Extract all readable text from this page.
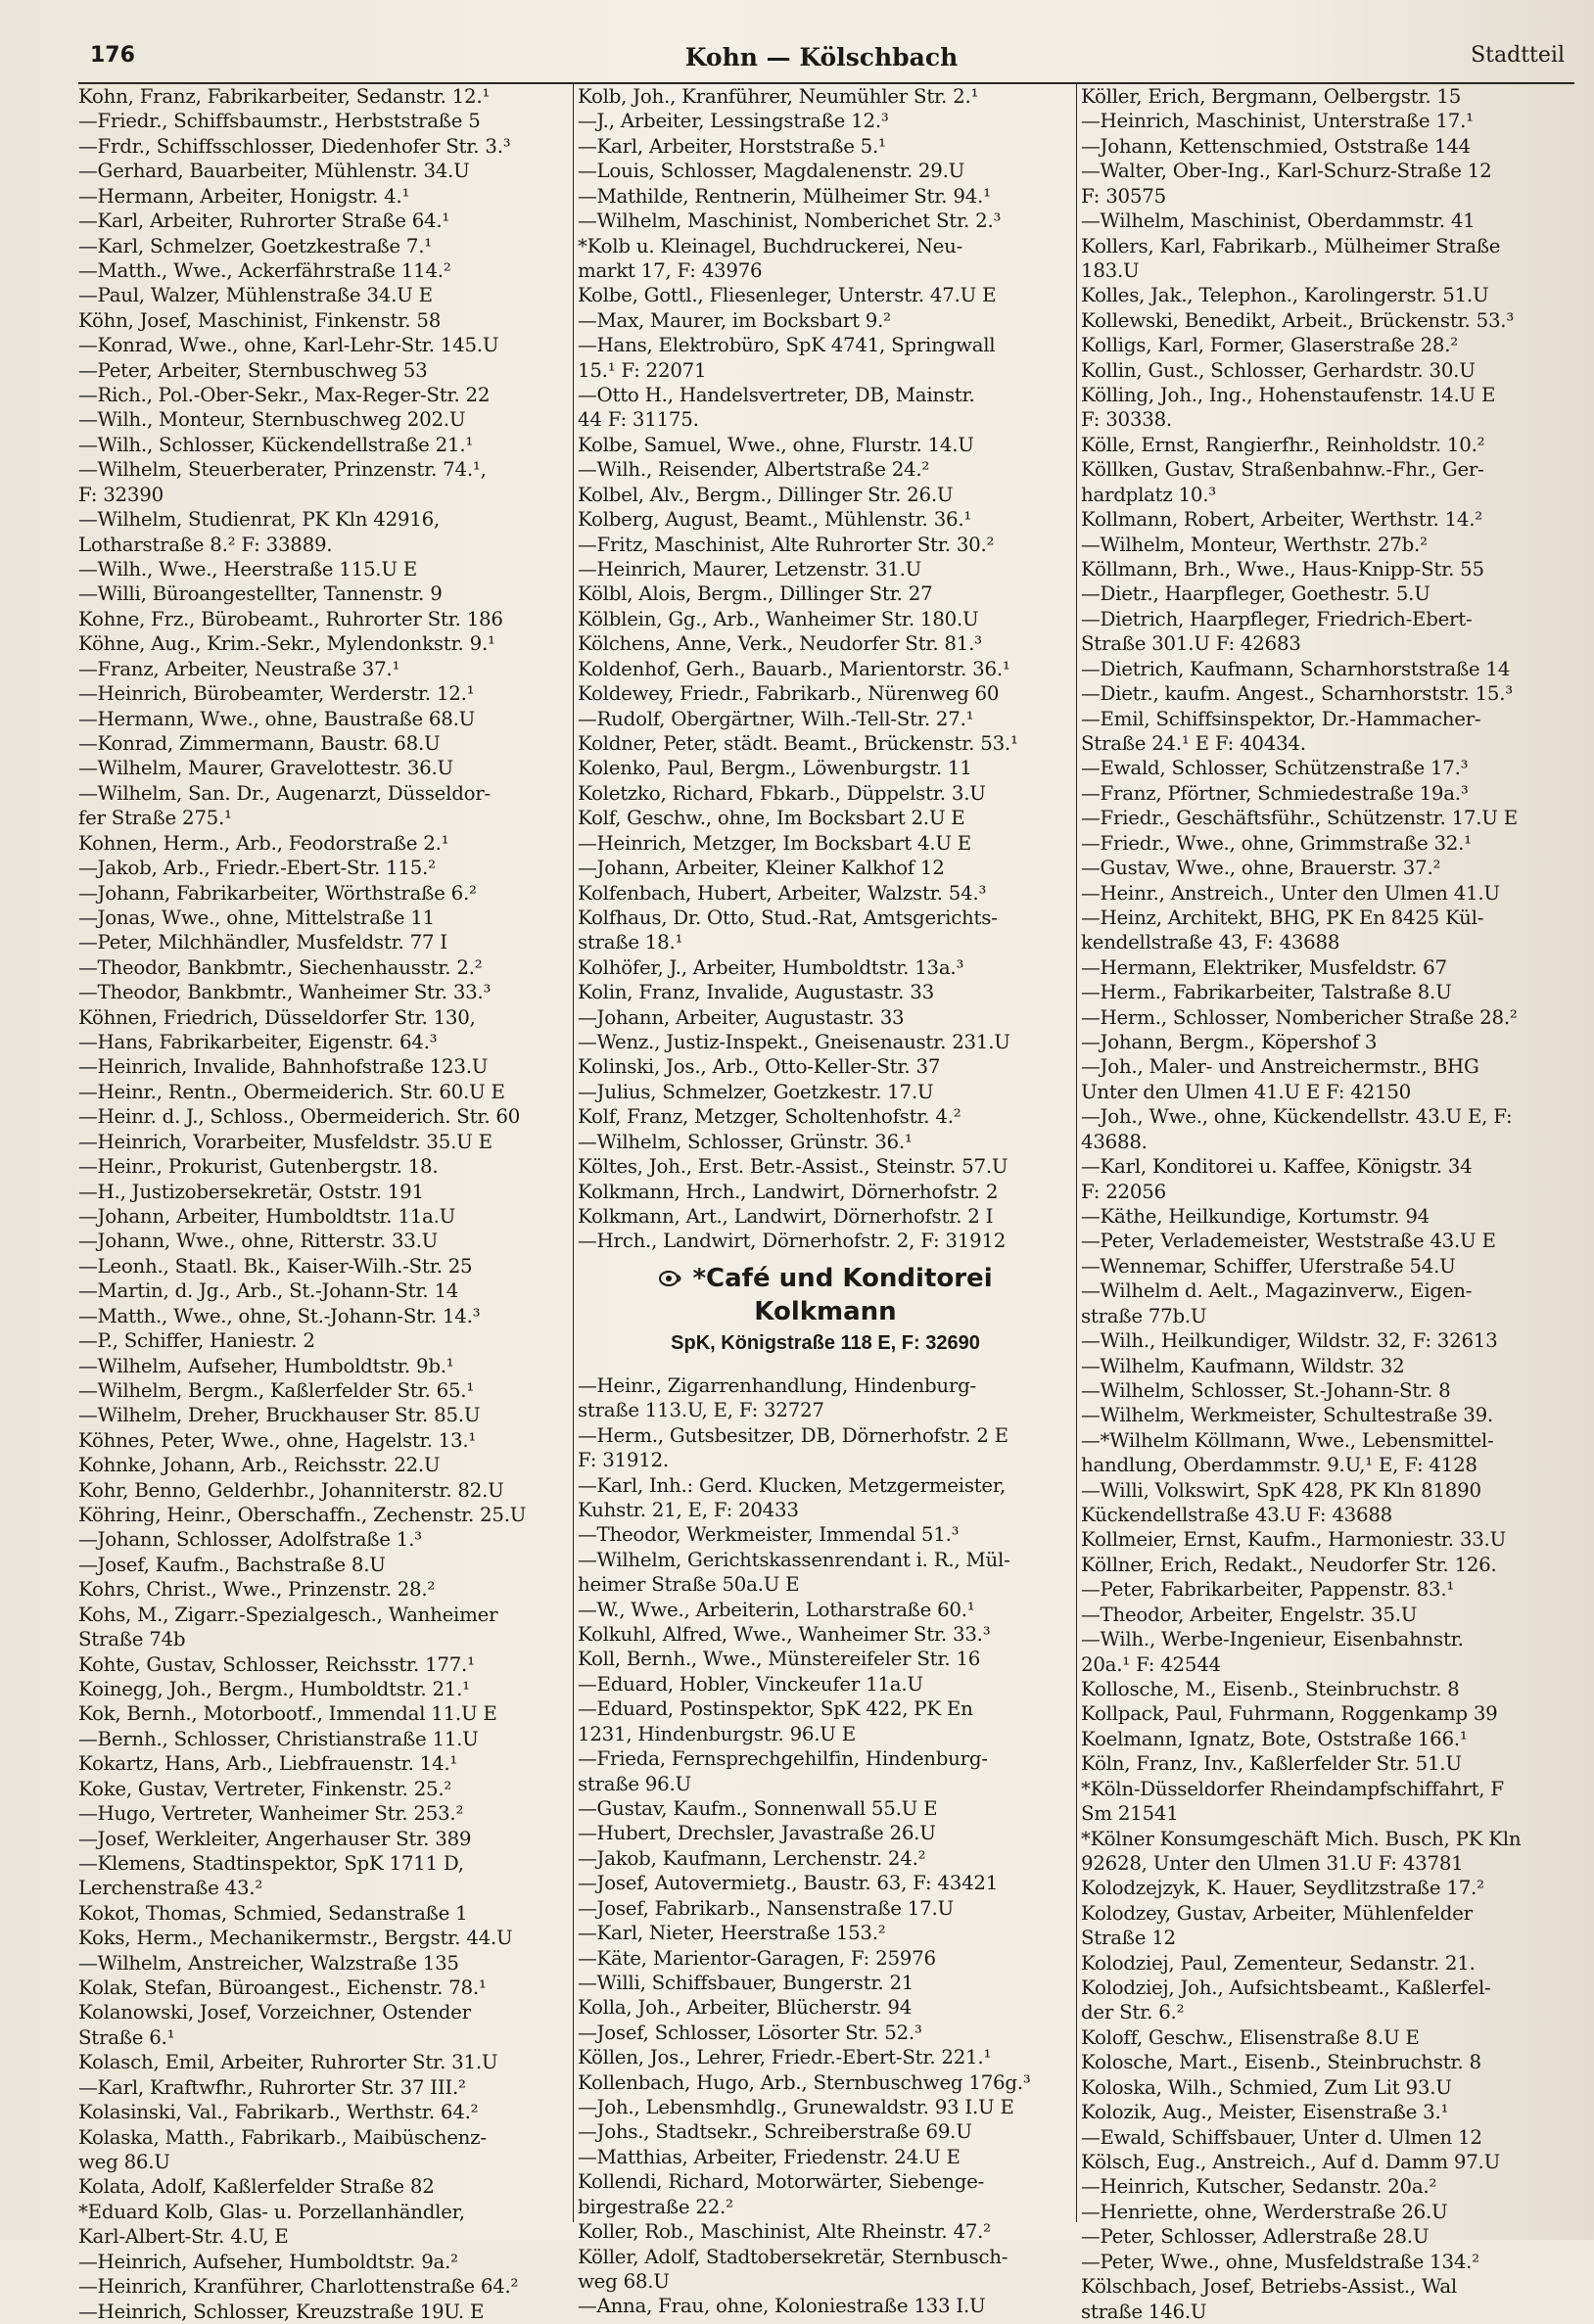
176	Kohn — Kölschbach	Stadtteil
Kohn, Franz, Fabrikarbeiter, Sedanstr. 12.¹
—Friedr., Schiffsbaumstr., Herbststraße 5
—Frdr., Schiffsschlosser, Diedenhofer Str. 3.³
—Gerhard, Bauarbeiter, Mühlenstr. 34.U
—Hermann, Arbeiter, Honigstr. 4.¹
—Karl, Arbeiter, Ruhrorter Straße 64.¹
—Karl, Schmelzer, Goetzkestraße 7.¹
—Matth., Wwe., Ackerfährstraße 114.²
—Paul, Walzer, Mühlenstraße 34.U E
Köhn, Josef, Maschinist, Finkenstr. 58
—Konrad, Wwe., ohne, Karl-Lehr-Str. 145.U
—Peter, Arbeiter, Sternbuschweg 53
—Rich., Pol.-Ober-Sekr., Max-Reger-Str. 22
—Wilh., Monteur, Sternbuschweg 202.U
—Wilh., Schlosser, Kückendellstraße 21.¹
—Wilhelm, Steuerberater, Prinzenstr. 74.¹,
F: 32390
—Wilhelm, Studienrat, PK Kln 42916,
Lotharstraße 8.² F: 33889.
—Wilh., Wwe., Heerstraße 115.U E
—Willi, Büroangestellter, Tannenstr. 9
Kohne, Frz., Bürobeamt., Ruhrorter Str. 186
Köhne, Aug., Krim.-Sekr., Mylendonkstr. 9.¹
—Franz, Arbeiter, Neustraße 37.¹
—Heinrich, Bürobeamter, Werderstr. 12.¹
—Hermann, Wwe., ohne, Baustraße 68.U
—Konrad, Zimmermann, Baustr. 68.U
—Wilhelm, Maurer, Gravelottestr. 36.U
—Wilhelm, San. Dr., Augenarzt, Düsseldor-
fer Straße 275.¹
Kohnen, Herm., Arb., Feodorstraße 2.¹
—Jakob, Arb., Friedr.-Ebert-Str. 115.²
—Johann, Fabrikarbeiter, Wörthstraße 6.²
—Jonas, Wwe., ohne, Mittelstraße 11
—Peter, Milchhändler, Musfeldstr. 77 I
—Theodor, Bankbmtr., Siechenhausstr. 2.²
—Theodor, Bankbmtr., Wanheimer Str. 33.³
Köhnen, Friedrich, Düsseldorfer Str. 130,
—Hans, Fabrikarbeiter, Eigenstr. 64.³
—Heinrich, Invalide, Bahnhofstraße 123.U
—Heinr., Rentn., Obermeiderich. Str. 60.U E
—Heinr. d. J., Schloss., Obermeiderich. Str. 60
—Heinrich, Vorarbeiter, Musfeldstr. 35.U E
—Heinr., Prokurist, Gutenbergstr. 18.
—H., Justizobersekretär, Oststr. 191
—Johann, Arbeiter, Humboldtstr. 11a.U
—Johann, Wwe., ohne, Ritterstr. 33.U
—Leonh., Staatl. Bk., Kaiser-Wilh.-Str. 25
—Martin, d. Jg., Arb., St.-Johann-Str. 14
—Matth., Wwe., ohne, St.-Johann-Str. 14.³
—P., Schiffer, Haniestr. 2
—Wilhelm, Aufseher, Humboldtstr. 9b.¹
—Wilhelm, Bergm., Kaßlerfelder Str. 65.¹
—Wilhelm, Dreher, Bruckhauser Str. 85.U
Köhnes, Peter, Wwe., ohne, Hagelstr. 13.¹
Kohnke, Johann, Arb., Reichsstr. 22.U
Kohr, Benno, Gelderhbr., Johanniterstr. 82.U
Köhring, Heinr., Oberschaffn., Zechenstr. 25.U
—Johann, Schlosser, Adolfstraße 1.³
—Josef, Kaufm., Bachstraße 8.U
Kohrs, Christ., Wwe., Prinzenstr. 28.²
Kohs, M., Zigarr.-Spezialgesch., Wanheimer
Straße 74b
Kohte, Gustav, Schlosser, Reichsstr. 177.¹
Koinegg, Joh., Bergm., Humboldtstr. 21.¹
Kok, Bernh., Motorbootf., Immendal 11.U E
—Bernh., Schlosser, Christianstraße 11.U
Kokartz, Hans, Arb., Liebfrauenstr. 14.¹
Koke, Gustav, Vertreter, Finkenstr. 25.²
—Hugo, Vertreter, Wanheimer Str. 253.²
—Josef, Werkleiter, Angerhauser Str. 389
—Klemens, Stadtinspektor, SpK 1711 D,
Lerchenstraße 43.²
Kokot, Thomas, Schmied, Sedanstraße 1
Koks, Herm., Mechanikermstr., Bergstr. 44.U
—Wilhelm, Anstreicher, Walzstraße 135
Kolak, Stefan, Büroangest., Eichenstr. 78.¹
Kolanowski, Josef, Vorzeichner, Ostender
Straße 6.¹
Kolasch, Emil, Arbeiter, Ruhrorter Str. 31.U
—Karl, Kraftwfhr., Ruhrorter Str. 37 III.²
Kolasinski, Val., Fabrikarb., Werthstr. 64.²
Kolaska, Matth., Fabrikarb., Maibüschenz-
weg 86.U
Kolata, Adolf, Kaßlerfelder Straße 82
*Eduard Kolb, Glas- u. Porzellanhändler,
Karl-Albert-Str. 4.U, E
—Heinrich, Aufseher, Humboldtstr. 9a.²
—Heinrich, Kranführer, Charlottenstraße 64.²
—Heinrich, Schlosser, Kreuzstraße 19U. E
Kolb, Joh., Kranführer, Neumühler Str. 2.¹
—J., Arbeiter, Lessingstraße 12.³
—Karl, Arbeiter, Horststraße 5.¹
—Louis, Schlosser, Magdalenenstr. 29.U
—Mathilde, Rentnerin, Mülheimer Str. 94.¹
—Wilhelm, Maschinist, Nomberichet Str. 2.³
*Kolb u. Kleinagel, Buchdruckerei, Neu-
markt 17, F: 43976
Kolbe, Gottl., Fliesenleger, Unterstr. 47.U E
—Max, Maurer, im Bocksbart 9.²
—Hans, Elektrobüro, SpK 4741, Springwall
15.¹ F: 22071
—Otto H., Handelsvertreter, DB, Mainstr.
44 F: 31175.
Kolbe, Samuel, Wwe., ohne, Flurstr. 14.U
—Wilh., Reisender, Albertstraße 24.²
Kolbel, Alv., Bergm., Dillinger Str. 26.U
Kolberg, August, Beamt., Mühlenstr. 36.¹
—Fritz, Maschinist, Alte Ruhrorter Str. 30.²
—Heinrich, Maurer, Letzenstr. 31.U
Kölbl, Alois, Bergm., Dillinger Str. 27
Kölblein, Gg., Arb., Wanheimer Str. 180.U
Kölchens, Anne, Verk., Neudorfer Str. 81.³
Koldenhof, Gerh., Bauarb., Marientorstr. 36.¹
Koldewey, Friedr., Fabrikarb., Nürenweg 60
—Rudolf, Obergärtner, Wilh.-Tell-Str. 27.¹
Koldner, Peter, städt. Beamt., Brückenstr. 53.¹
Kolenko, Paul, Bergm., Löwenburgstr. 11
Koletzko, Richard, Fbkarb., Düppelstr. 3.U
Kolf, Geschw., ohne, Im Bocksbart 2.U E
—Heinrich, Metzger, Im Bocksbart 4.U E
—Johann, Arbeiter, Kleiner Kalkhof 12
Kolfenbach, Hubert, Arbeiter, Walzstr. 54.³
Kolfhaus, Dr. Otto, Stud.-Rat, Amtsgerichts-
straße 18.¹
Kolhöfer, J., Arbeiter, Humboldtstr. 13a.³
Kolin, Franz, Invalide, Augustastr. 33
—Johann, Arbeiter, Augustastr. 33
—Wenz., Justiz-Inspekt., Gneisenaustr. 231.U
Kolinski, Jos., Arb., Otto-Keller-Str. 37
—Julius, Schmelzer, Goetzkestr. 17.U
Kolf, Franz, Metzger, Scholtenhofstr. 4.²
—Wilhelm, Schlosser, Grünstr. 36.¹
Költes, Joh., Erst. Betr.-Assist., Steinstr. 57.U
Kolkmann, Hrch., Landwirt, Dörnerhofstr. 2
Kolkmann, Art., Landwirt, Dörnerhofstr. 2 I
—Hrch., Landwirt, Dörnerhofstr. 2, F: 31912
*Café und Konditorei
Kolkmann
SpK, Königstraße 118 E, F: 32690
—Heinr., Zigarrenhandlung, Hindenburg-
straße 113.U, E, F: 32727
—Herm., Gutsbesitzer, DB, Dörnerhofstr. 2 E
F: 31912.
—Karl, Inh.: Gerd. Klucken, Metzgermeister,
Kuhstr. 21, E, F: 20433
—Theodor, Werkmeister, Immendal 51.³
—Wilhelm, Gerichtskassenrendant i. R., Mül-
heimer Straße 50a.U E
—W., Wwe., Arbeiterin, Lotharstraße 60.¹
Kolkuhl, Alfred, Wwe., Wanheimer Str. 33.³
Koll, Bernh., Wwe., Münstereifeler Str. 16
—Eduard, Hobler, Vinckeufer 11a.U
—Eduard, Postinspektor, SpK 422, PK En
1231, Hindenburgstr. 96.U E
—Frieda, Fernsprechgehilfin, Hindenburg-
straße 96.U
—Gustav, Kaufm., Sonnenwall 55.U E
—Hubert, Drechsler, Javastraße 26.U
—Jakob, Kaufmann, Lerchenstr. 24.²
—Josef, Autovermietg., Baustr. 63, F: 43421
—Josef, Fabrikarb., Nansenstraße 17.U
—Karl, Nieter, Heerstraße 153.²
—Käte, Marientor-Garagen, F: 25976
—Willi, Schiffsbauer, Bungerstr. 21
Kolla, Joh., Arbeiter, Blücherstr. 94
—Josef, Schlosser, Lösorter Str. 52.³
Köllen, Jos., Lehrer, Friedr.-Ebert-Str. 221.¹
Kollenbach, Hugo, Arb., Sternbuschweg 176g.³
—Joh., Lebensmhdlg., Grunewaldstr. 93 I.U E
—Johs., Stadtsekr., Schreiberstraße 69.U
—Matthias, Arbeiter, Friedenstr. 24.U E
Kollendi, Richard, Motorwärter, Siebenge-
birgestraße 22.²
Koller, Rob., Maschinist, Alte Rheinstr. 47.²
Köller, Adolf, Stadtobersekretär, Sternbusch-
weg 68.U
—Anna, Frau, ohne, Koloniestraße 133 I.U
Köller, Erich, Bergmann, Oelbergstr. 15
—Heinrich, Maschinist, Unterstraße 17.¹
—Johann, Kettenschmied, Oststraße 144
—Walter, Ober-Ing., Karl-Schurz-Straße 12
F: 30575
—Wilhelm, Maschinist, Oberdammstr. 41
Kollers, Karl, Fabrikarb., Mülheimer Straße
183.U
Kolles, Jak., Telephon., Karolingerstr. 51.U
Kollewski, Benedikt, Arbeit., Brückenstr. 53.³
Kolligs, Karl, Former, Glaserstraße 28.²
Kollin, Gust., Schlosser, Gerhardstr. 30.U
Kölling, Joh., Ing., Hohenstaufenstr. 14.U E
F: 30338.
Kölle, Ernst, Rangierfhr., Reinholdstr. 10.²
Köllken, Gustav, Straßenbahnw.-Fhr., Ger-
hardplatz 10.³
Kollmann, Robert, Arbeiter, Werthstr. 14.²
—Wilhelm, Monteur, Werthstr. 27b.²
Köllmann, Brh., Wwe., Haus-Knipp-Str. 55
—Dietr., Haarpfleger, Goethestr. 5.U
—Dietrich, Haarpfleger, Friedrich-Ebert-
Straße 301.U F: 42683
—Dietrich, Kaufmann, Scharnhorststraße 14
—Dietr., kaufm. Angest., Scharnhorststr. 15.³
—Emil, Schiffsinspektor, Dr.-Hammacher-
Straße 24.¹ E F: 40434.
—Ewald, Schlosser, Schützenstraße 17.³
—Franz, Pförtner, Schmiedestraße 19a.³
—Friedr., Geschäftsführ., Schützenstr. 17.U E
—Friedr., Wwe., ohne, Grimmstraße 32.¹
—Gustav, Wwe., ohne, Brauerstr. 37.²
—Heinr., Anstreich., Unter den Ulmen 41.U
—Heinz, Architekt, BHG, PK En 8425 Kül-
kendellstraße 43, F: 43688
—Hermann, Elektriker, Musfeldstr. 67
—Herm., Fabrikarbeiter, Talstraße 8.U
—Herm., Schlosser, Nombericher Straße 28.²
—Johann, Bergm., Köpershof 3
—Joh., Maler- und Anstreichermstr., BHG
Unter den Ulmen 41.U E F: 42150
—Joh., Wwe., ohne, Kückendellstr. 43.U E, F:
43688.
—Karl, Konditorei u. Kaffee, Königstr. 34
F: 22056
—Käthe, Heilkundige, Kortumstr. 94
—Peter, Verlademeister, Weststraße 43.U E
—Wennemar, Schiffer, Uferstraße 54.U
—Wilhelm d. Aelt., Magazinverw., Eigen-
straße 77b.U
—Wilh., Heilkundiger, Wildstr. 32, F: 32613
—Wilhelm, Kaufmann, Wildstr. 32
—Wilhelm, Schlosser, St.-Johann-Str. 8
—Wilhelm, Werkmeister, Schultestraße 39.
—*Wilhelm Köllmann, Wwe., Lebensmittel-
handlung, Oberdammstr. 9.U,¹ E, F: 4128
—Willi, Volkswirt, SpK 428, PK Kln 81890
Kückendellstraße 43.U F: 43688
Kollmeier, Ernst, Kaufm., Harmoniestr. 33.U
Köllner, Erich, Redakt., Neudorfer Str. 126.
—Peter, Fabrikarbeiter, Pappenstr. 83.¹
—Theodor, Arbeiter, Engelstr. 35.U
—Wilh., Werbe-Ingenieur, Eisenbahnstr.
20a.¹ F: 42544
Kollosche, M., Eisenb., Steinbruchstr. 8
Kollpack, Paul, Fuhrmann, Roggenkamp 39
Koelmann, Ignatz, Bote, Oststraße 166.¹
Köln, Franz, Inv., Kaßlerfelder Str. 51.U
*Köln-Düsseldorfer Rheindampfschiffahrt, F
Sm 21541
*Kölner Konsumgeschäft Mich. Busch, PK Kln
92628, Unter den Ulmen 31.U F: 43781
Kolodzejzyk, K. Hauer, Seydlitzstraße 17.²
Kolodzey, Gustav, Arbeiter, Mühlenfelder
Straße 12
Kolodziej, Paul, Zementeur, Sedanstr. 21.
Kolodziej, Joh., Aufsichtsbeamt., Kaßlerfel-
der Str. 6.²
Koloff, Geschw., Elisenstraße 8.U E
Kolosche, Mart., Eisenb., Steinbruchstr. 8
Koloska, Wilh., Schmied, Zum Lit 93.U
Kolozik, Aug., Meister, Eisenstraße 3.¹
—Ewald, Schiffsbauer, Unter d. Ulmen 12
Kölsch, Eug., Anstreich., Auf d. Damm 97.U
—Heinrich, Kutscher, Sedanstr. 20a.²
—Henriette, ohne, Werderstraße 26.U
—Peter, Schlosser, Adlerstraße 28.U
—Peter, Wwe., ohne, Musfeldstraße 134.²
Kölschbach, Josef, Betriebs-Assist., Wal
straße 146.U
